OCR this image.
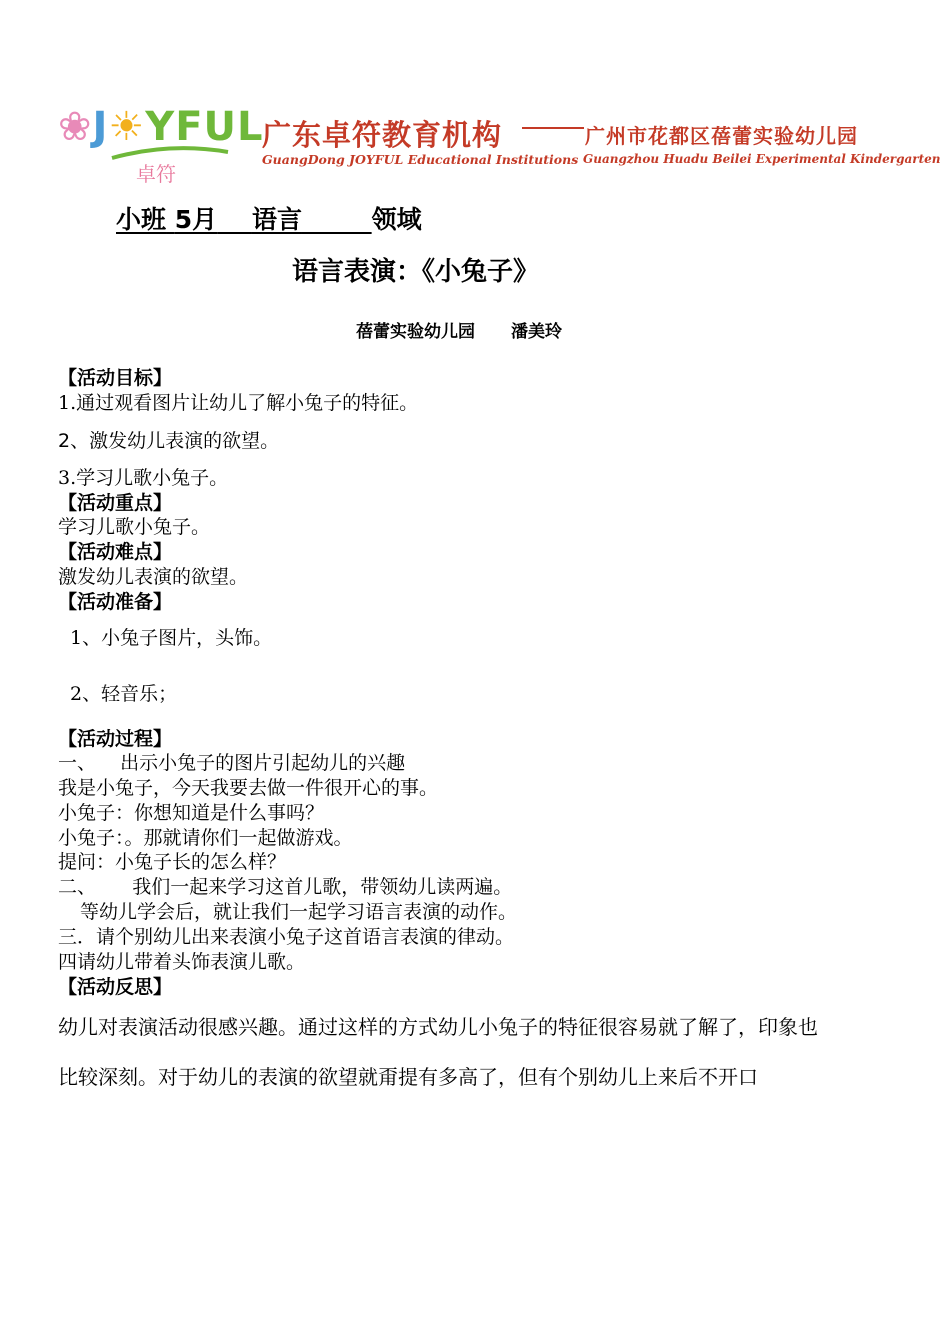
❀J☀YFUL
卓符
广东卓符教育机构	广州市花都区蓓蕾实验幼儿园
GuangDong JOYFUL Educational Institutions Guangzhou Huadu Beilei Experimental Kindergarten
小班 5月 语言	领域
语言表演：《小兔子》
蓓蕾实验幼儿园 潘美玲
【活动目标】
1.通过观看图片让幼儿了解小兔子的特征。
2、激发幼儿表演的欲望。
3.学习儿歌小兔子。
【活动重点】
学习儿歌小兔子。
【活动难点】
激发幼儿表演的欲望。
【活动准备】
1、小兔子图片，头饰。
2、轻音乐；
【活动过程】
一、    出示小兔子的图片引起幼儿的兴趣
我是小兔子，今天我要去做一件很开心的事。
小兔子：你想知道是什么事吗？
小兔子：。那就请你们一起做游戏。
提问：小兔子长的怎么样？
二、      我们一起来学习这首儿歌，带领幼儿读两遍。
等幼儿学会后，就让我们一起学习语言表演的动作。
三．请个别幼儿出来表演小兔子这首语言表演的律动。
四请幼儿带着头饰表演儿歌。
【活动反思】
幼儿对表演活动很感兴趣。通过这样的方式幼儿小兔子的特征很容易就了解了，印象也
比较深刻。对于幼儿的表演的欲望就甭提有多高了，但有个别幼儿上来后不开口
